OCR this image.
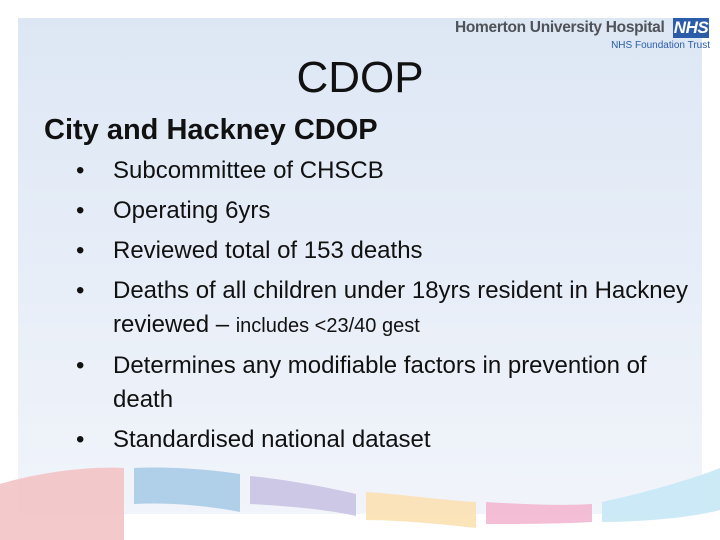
Homerton University Hospital NHS
NHS Foundation Trust
CDOP
City and Hackney CDOP
• Subcommittee of CHSCB
• Operating 6yrs
• Reviewed total of 153 deaths
• Deaths of all children under 18yrs resident in Hackney reviewed – includes <23/40 gest
• Determines any modifiable factors in prevention of death
• Standardised national dataset
